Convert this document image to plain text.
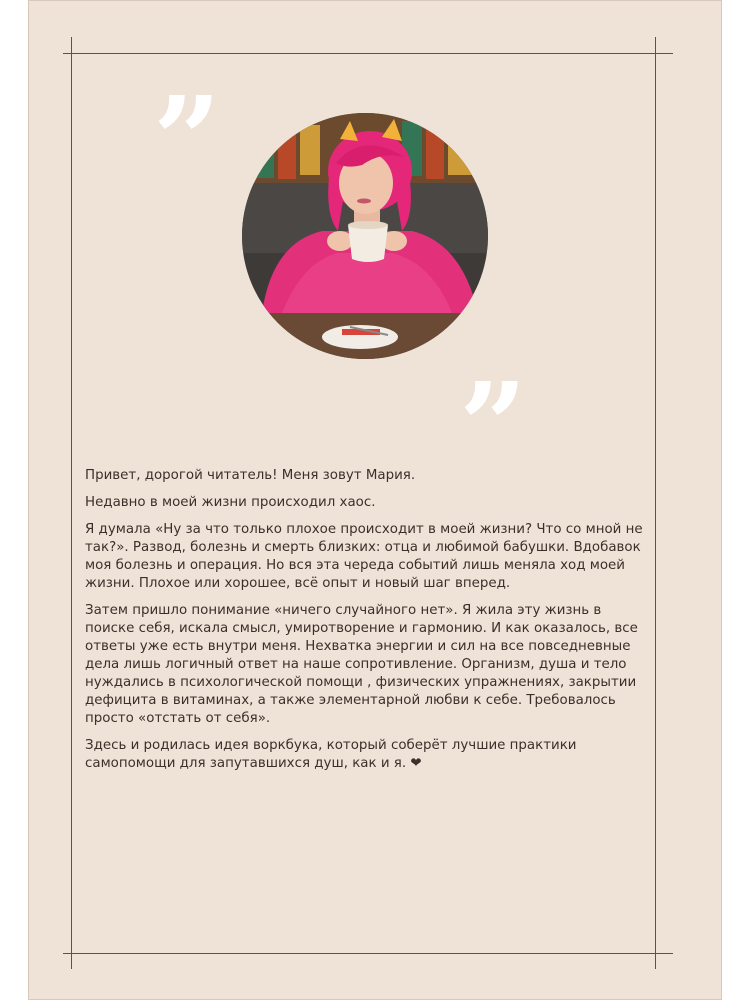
”
”

Привет, дорогой читатель! Меня зовут Мария.

Недавно в моей жизни происходил хаос.

Я думала «Ну за что только плохое происходит в моей жизни? Что со мной не так?». Развод, болезнь и смерть близких: отца и любимой бабушки. Вдобавок моя болезнь и операция. Но вся эта череда событий лишь меняла ход моей жизни. Плохое или хорошее, всё опыт и новый шаг вперед.

Затем пришло понимание «ничего случайного нет». Я жила эту жизнь в поиске себя, искала смысл, умиротворение и гармонию. И как оказалось, все ответы уже есть внутри меня. Нехватка энергии и сил на все повседневные дела лишь логичный ответ на наше сопротивление. Организм, душа и тело нуждались в психологической помощи , физических упражнениях, закрытии дефицита в витаминах, а также элементарной любви к себе. Требовалось просто «отстать от себя».

Здесь и родилась идея воркбука, который соберёт лучшие практики самопомощи для запутавшихся душ, как и я. ❤
